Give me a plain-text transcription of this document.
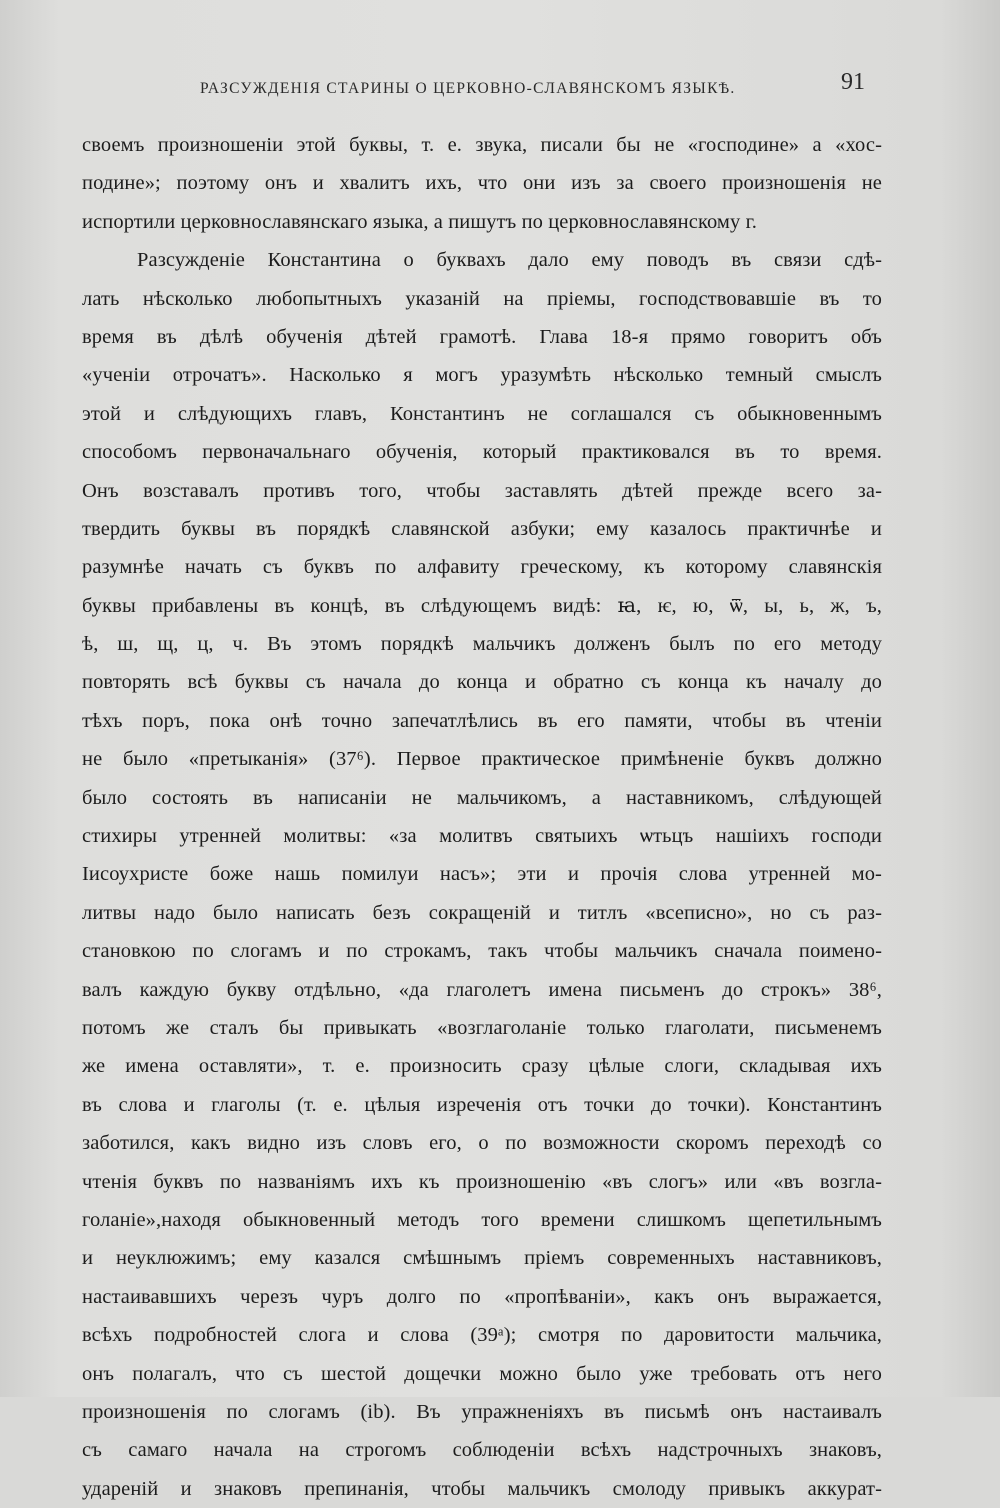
РАЗСУЖДЕНІЯ СТАРИНЫ О ЦЕРКОВНО-СЛАВЯНСКОМЪ ЯЗЫКѢ.	91
своемъ произношеніи этой буквы, т. е. звука, писали бы не «господине» а «хос-
подине»; поэтому онъ и хвалитъ ихъ, что они изъ за своего произношенія не
испортили церковнославянскаго языка, а пишутъ по церковнославянскому г.
Разсужденіе Константина о буквахъ дало ему поводъ въ связи сдѣ-
лать нѣсколько любопытныхъ указаній на пріемы, господствовавшіе въ то
время въ дѣлѣ обученія дѣтей грамотѣ. Глава 18-я прямо говоритъ объ
«ученіи отрочатъ». Насколько я могъ уразумѣть нѣсколько темный смыслъ
этой и слѣдующихъ главъ, Константинъ не соглашался съ обыкновеннымъ
способомъ первоначальнаго обученія, который практиковался въ то время.
Онъ возставалъ противъ того, чтобы заставлять дѣтей прежде всего за-
твердить буквы въ порядкѣ славянской азбуки; ему казалось практичнѣе и
разумнѣе начать съ буквъ по алфавиту греческому, къ которому славянскія
буквы прибавлены въ концѣ, въ слѣдующемъ видѣ: ꙗ, ѥ, ю, ѿ, ы, ь, ж, ъ,
ѣ, ш, щ, ц, ч. Въ этомъ порядкѣ мальчикъ долженъ былъ по его методу
повторять всѣ буквы съ начала до конца и обратно съ конца къ началу до
тѣхъ поръ, пока онѣ точно запечатлѣлись въ его памяти, чтобы въ чтеніи
не было «претыканія» (37⁶). Первое практическое примѣненіе буквъ должно
было состоять въ написаніи не мальчикомъ, а наставникомъ, слѣдующей
стихиры утренней молитвы: «за молитвъ святыихъ ѡтьцъ нашіихъ господи
Іисоухристе боже нашь помилуи насъ»; эти и прочія слова утренней мо-
литвы надо было написать безъ сокращеній и титлъ «всеписно», но съ раз-
становкою по слогамъ и по строкамъ, такъ чтобы мальчикъ сначала поимено-
валъ каждую букву отдѣльно, «да глаголетъ имена письменъ до строкъ» 38⁶,
потомъ же сталъ бы привыкать «возглаголаніе только глаголати, письменемъ
же имена оставляти», т. е. произносить сразу цѣлые слоги, складывая ихъ
въ слова и глаголы (т. е. цѣлыя изреченія отъ точки до точки). Константинъ
заботился, какъ видно изъ словъ его, о по возможности скоромъ переходѣ со
чтенія буквъ по названіямъ ихъ къ произношенію «въ слогъ» или «въ возгла-
голаніе»,находя обыкновенный методъ того времени слишкомъ щепетильнымъ
и неуклюжимъ; ему казался смѣшнымъ пріемъ современныхъ наставниковъ,
настаивавшихъ черезъ чуръ долго по «пропѣваніи», какъ онъ выражается,
всѣхъ подробностей слога и слова (39ᵃ); смотря по даровитости мальчика,
онъ полагалъ, что съ шестой дощечки можно было уже требовать отъ него
произношенія по слогамъ (ib). Въ упражненіяхъ въ письмѣ онъ настаивалъ
съ самаго начала на строгомъ соблюденіи всѣхъ надстрочныхъ знаковъ,
удареній и знаковъ препинанія, чтобы мальчикъ смолоду привыкъ аккурат-
